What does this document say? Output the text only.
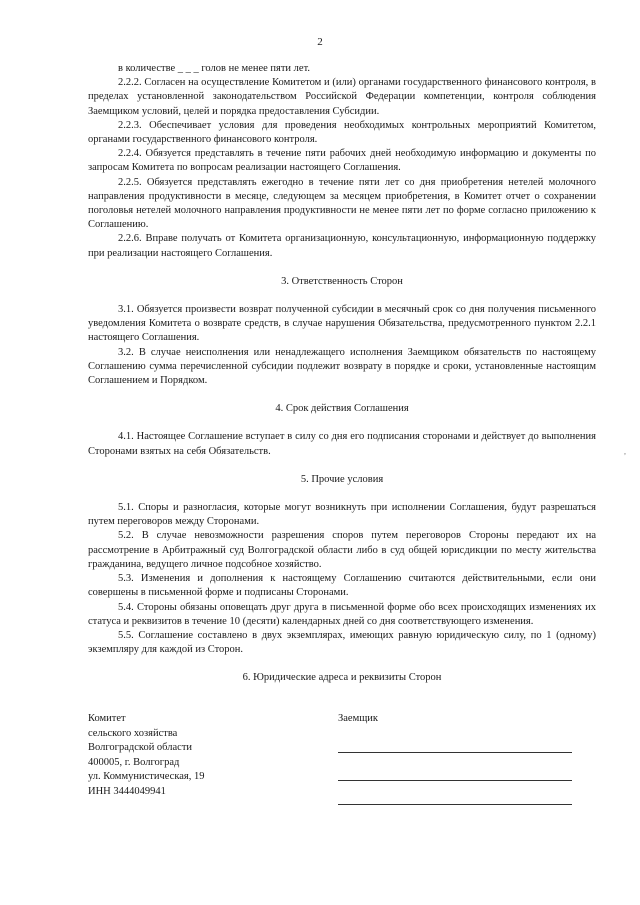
2

в количестве _ _ _ голов не менее пяти лет.

2.2.2. Согласен на осуществление Комитетом и (или) органами государственного финансового контроля, в пределах установленной законодательством Российской Федерации компетенции, контроля соблюдения Заемщиком условий, целей и порядка предоставления Субсидии.

2.2.3. Обеспечивает условия для проведения необходимых контрольных мероприятий Комитетом, органами государственного финансового контроля.

2.2.4. Обязуется представлять в течение пяти рабочих дней необходимую информацию и документы по запросам Комитета по вопросам реализации настоящего Соглашения.

2.2.5. Обязуется представлять ежегодно в течение пяти лет со дня приобретения нетелей молочного направления продуктивности в месяце, следующем за месяцем приобретения, в Комитет отчет о сохранении поголовья нетелей молочного направления продуктивности не менее пяти лет по форме согласно приложению к Соглашению.

2.2.6. Вправе получать от Комитета организационную, консультационную, информационную поддержку при реализации настоящего Соглашения.

3. Ответственность Сторон

3.1. Обязуется произвести возврат полученной субсидии в месячный срок со дня получения письменного уведомления Комитета о возврате средств, в случае нарушения Обязательства, предусмотренного пунктом 2.2.1 настоящего Соглашения.

3.2. В случае неисполнения или ненадлежащего исполнения Заемщиком обязательств по настоящему Соглашению сумма перечисленной субсидии подлежит возврату в порядке и сроки, установленные настоящим Соглашением и Порядком.

4. Срок действия Соглашения

4.1. Настоящее Соглашение вступает в силу со дня его подписания сторонами и действует до выполнения Сторонами взятых на себя Обязательств.

5. Прочие условия

5.1. Споры и разногласия, которые могут возникнуть при исполнении Соглашения, будут разрешаться путем переговоров между Сторонами.

5.2. В случае невозможности разрешения споров путем переговоров Стороны передают их на рассмотрение в Арбитражный суд Волгоградской области либо в суд общей юрисдикции по месту жительства гражданина, ведущего личное подсобное хозяйство.

5.3. Изменения и дополнения к настоящему Соглашению считаются действительными, если они совершены в письменной форме и подписаны Сторонами.

5.4. Стороны обязаны оповещать друг друга в письменной форме обо всех происходящих изменениях их статуса и реквизитов в течение 10 (десяти) календарных дней со дня соответствующего изменения.

5.5. Соглашение составлено в двух экземплярах, имеющих равную юридическую силу, по 1 (одному) экземпляру для каждой из Сторон.

6. Юридические адреса и реквизиты Сторон
Комитет
сельского хозяйства
Волгоградской области
400005, г. Волгоград
ул. Коммунистическая, 19
ИНН 3444049941
Заемщик
,
